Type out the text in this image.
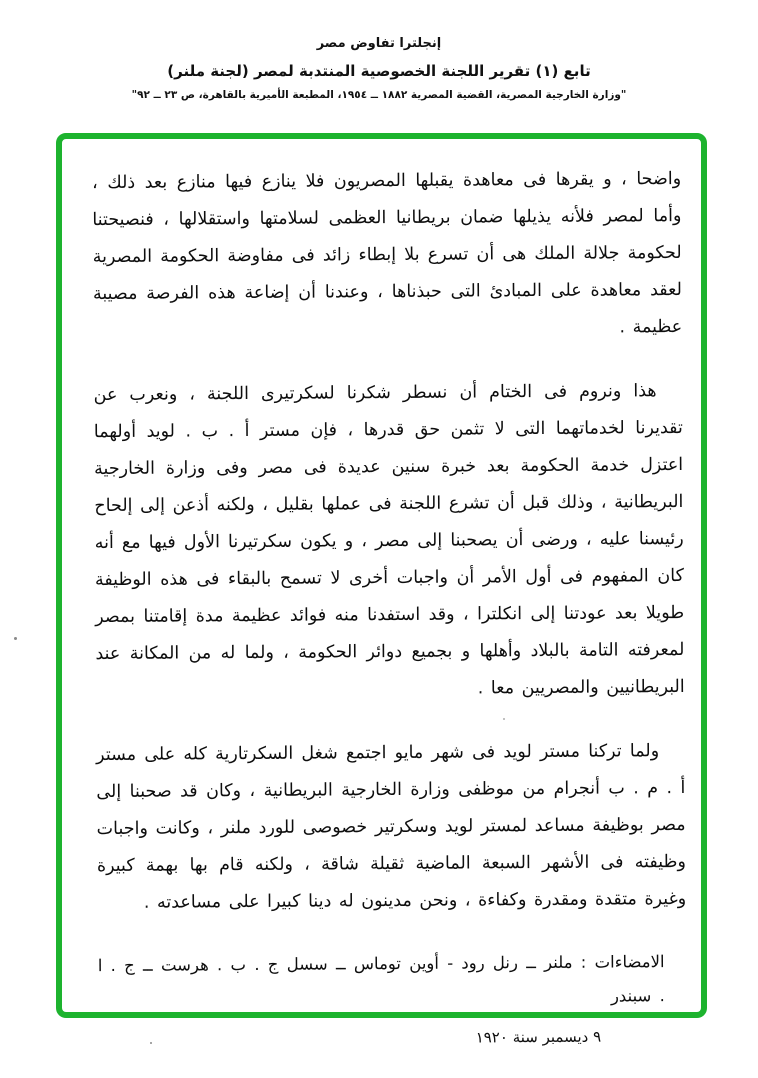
إنجلترا تفاوض مصر
تابع (١) تقرير اللجنة الخصوصية المنتدبة لمصر (لجنة ملنر)
"وزارة الخارجية المصرية، القضية المصرية ١٨٨٢ ــ ١٩٥٤، المطبعة الأميرية بالقاهرة، ص ٢٣ ــ ٩٢"

واضحا ، و يقرها فى معاهدة يقبلها المصريون فلا ينازع فيها منازع بعد ذلك ، وأما لمصر فلأنه يذيلها ضمان بريطانيا العظمى لسلامتها واستقلالها ، فنصيحتنا لحكومة جلالة الملك هى أن تسرع بلا إبطاء زائد فى مفاوضة الحكومة المصرية لعقد معاهدة على المبادئ التى حبذناها ، وعندنا أن إضاعة هذه الفرصة مصيبة عظيمة .

هذا ونروم فى الختام أن نسطر شكرنا لسكرتيرى اللجنة ، ونعرب عن تقديرنا لخدماتهما التى لا تثمن حق قدرها ، فإن مستر أ . ب . لويد أولهما اعتزل خدمة الحكومة بعد خبرة سنين عديدة فى مصر وفى وزارة الخارجية البريطانية ، وذلك قبل أن تشرع اللجنة فى عملها بقليل ، ولكنه أذعن إلى إلحاح رئيسنا عليه ، ورضى أن يصحبنا إلى مصر ، و يكون سكرتيرنا الأول فيها مع أنه كان المفهوم فى أول الأمر أن واجبات أخرى لا تسمح بالبقاء فى هذه الوظيفة طويلا بعد عودتنا إلى انكلترا ، وقد استفدنا منه فوائد عظيمة مدة إقامتنا بمصر لمعرفته التامة بالبلاد وأهلها و بجميع دوائر الحكومة ، ولما له من المكانة عند البريطانيين والمصريين معا .

ولما تركنا مستر لويد فى شهر مايو اجتمع شغل السكرتارية كله على مستر أ . م . ب أنجرام من موظفى وزارة الخارجية البريطانية ، وكان قد صحبنا إلى مصر بوظيفة مساعد لمستر لويد وسكرتير خصوصى للورد ملنر ، وكانت واجبات وظيفته فى الأشهر السبعة الماضية ثقيلة شاقة ، ولكنه قام بها بهمة كبيرة وغيرة متقدة ومقدرة وكفاءة ، ونحن مدينون له دينا كبيرا على مساعدته .

الامضاءات : ملنر ــ رنل رود - أوين توماس ــ سسل ج . ب . هرست ــ ج . ا . سبندر

٩ ديسمبر سنة ١٩٢٠
